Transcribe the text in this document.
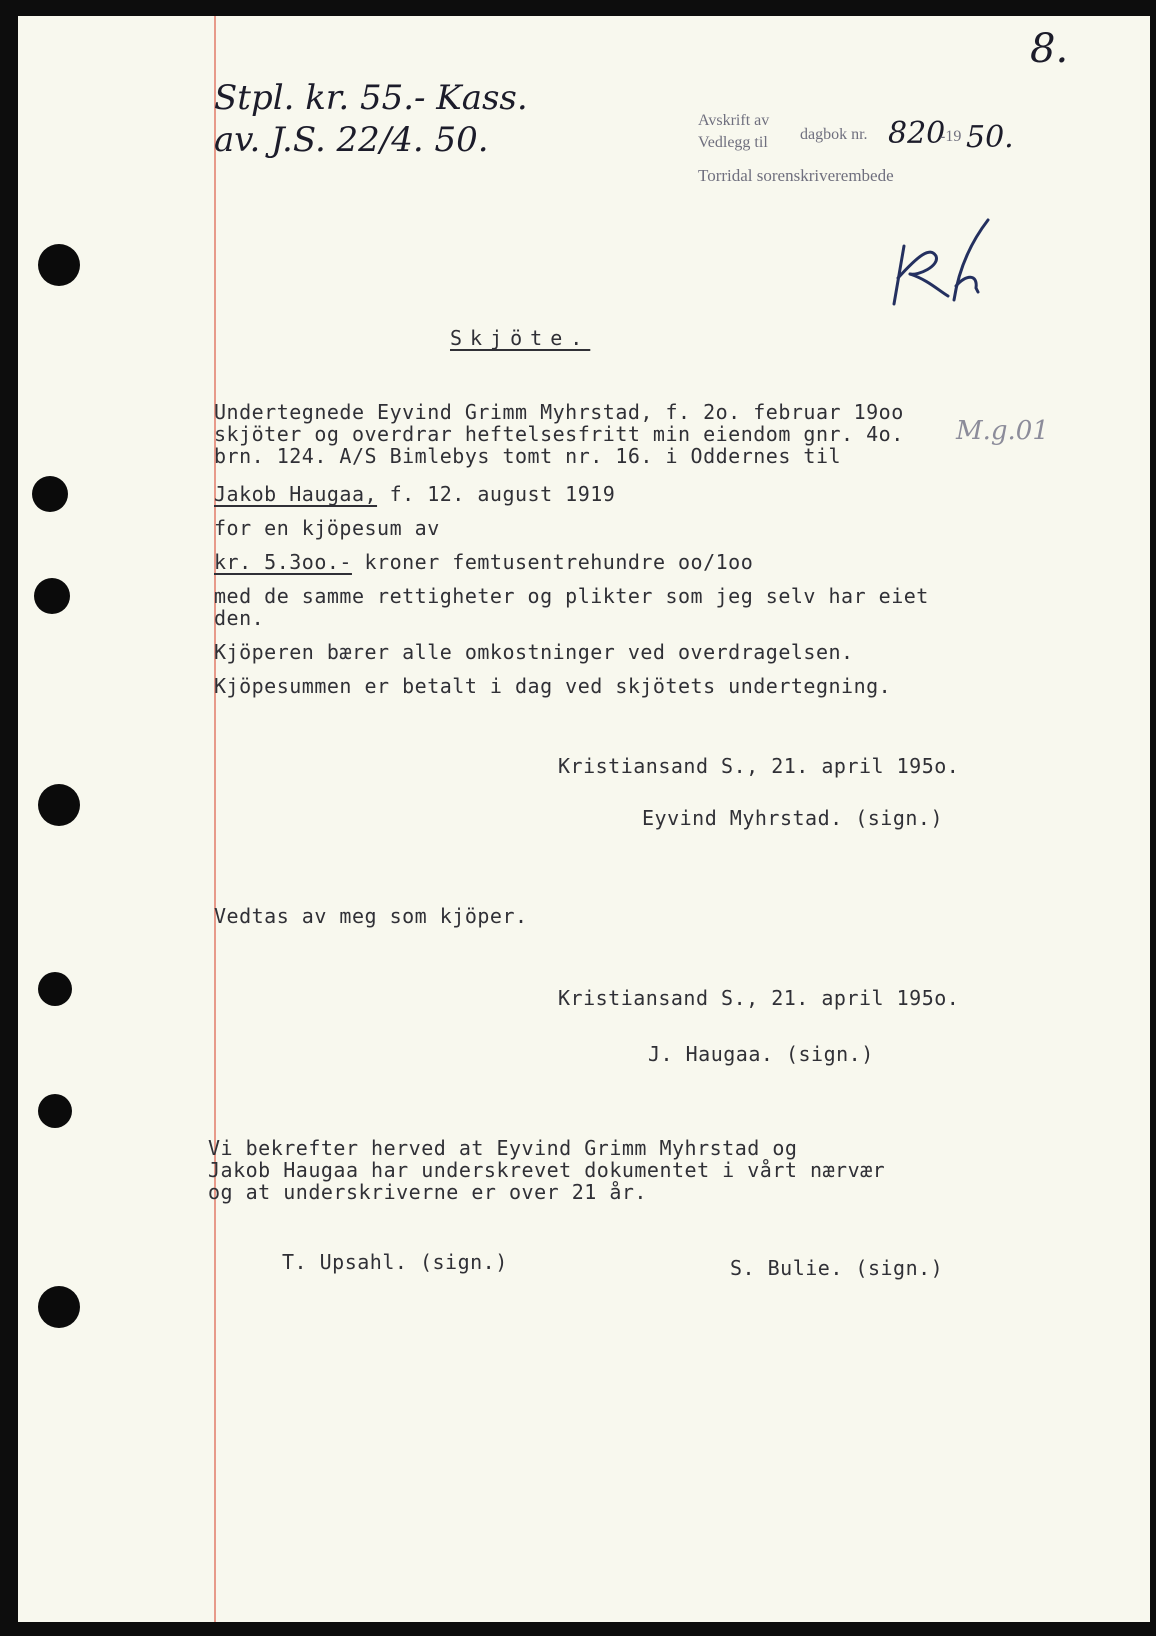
8.
Stpl. kr. 55.- Kass.
av. J.S. 22/4. 50.	Avskrift av
Vedlegg til dagbok nr. 820
-19 50.
Torridal sorenskriverembede
M.g.01
Skjöte.
Undertegnede Eyvind Grimm Myhrstad, f. 2o. februar 19oo
skjöter og overdrar heftelsesfritt min eiendom gnr. 4o.
brn. 124. A/S Bimlebys tomt nr. 16. i Oddernes til
Jakob Haugaa, f. 12. august 1919
for en kjöpesum av
kr. 5.3oo.- kroner femtusentrehundre oo/1oo
med de samme rettigheter og plikter som jeg selv har eiet
den.
Kjöperen bærer alle omkostninger ved overdragelsen.
Kjöpesummen er betalt i dag ved skjötets undertegning.
Kristiansand S., 21. april 195o.
Eyvind Myhrstad. (sign.)
Vedtas av meg som kjöper.
Kristiansand S., 21. april 195o.
J. Haugaa. (sign.)
Vi bekrefter herved at Eyvind Grimm Myhrstad og
Jakob Haugaa har underskrevet dokumentet i vårt nærvær
og at underskriverne er over 21 år.
T. Upsahl. (sign.)	S. Bulie. (sign.)
